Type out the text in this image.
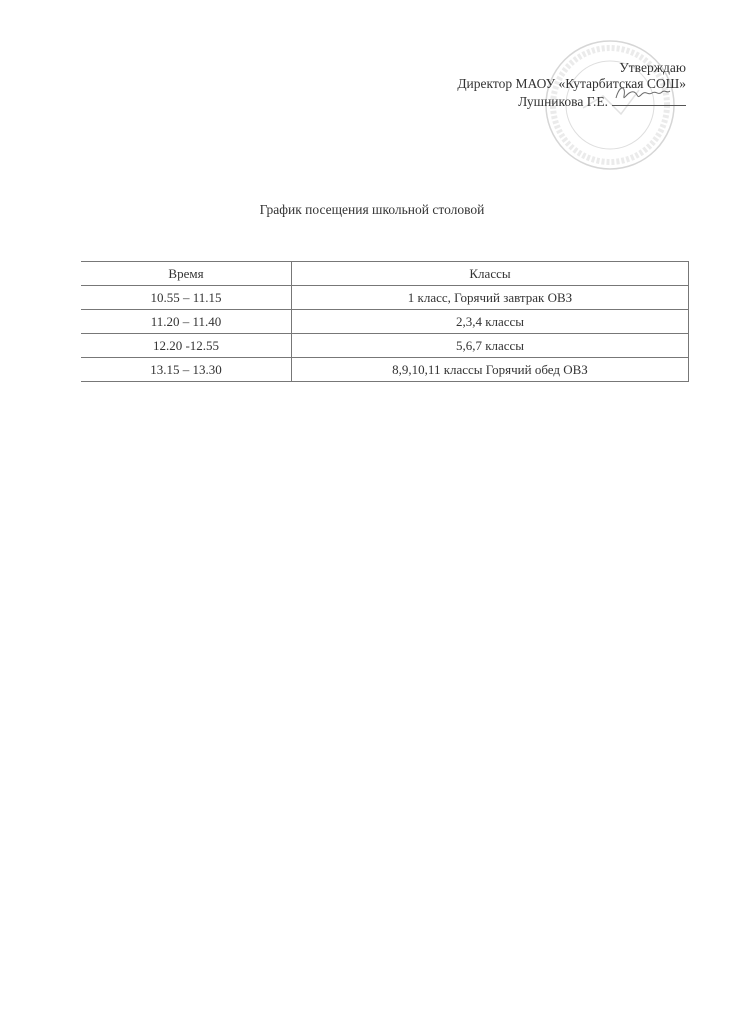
Утверждаю
Директор МАОУ «Кутарбитская СОШ»
Лушникова Г.Е.
График посещения школьной столовой
Время	Классы
10.55 – 11.15	1 класс, Горячий завтрак ОВЗ
11.20 – 11.40	2,3,4 классы
12.20 -12.55	5,6,7 классы
13.15 – 13.30	8,9,10,11 классы Горячий обед ОВЗ
